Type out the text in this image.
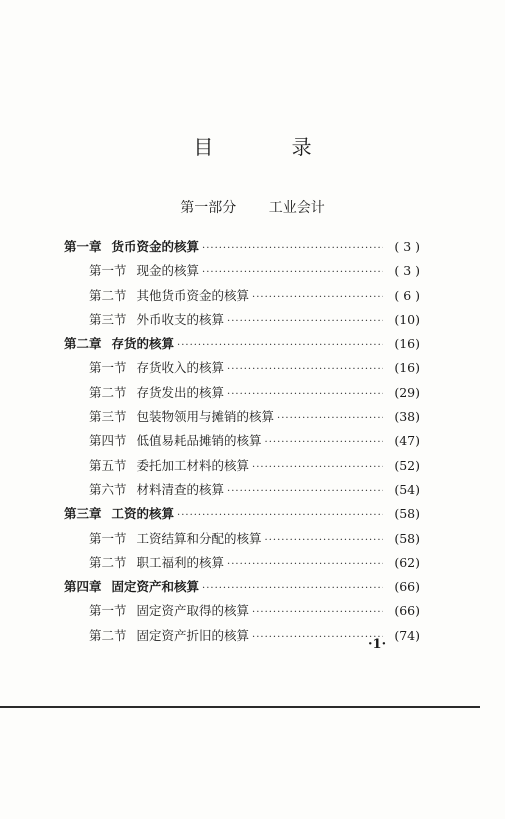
目 录
第一部分 工业会计
第一章 货币资金的核算 ·····	( 3 )
第一节 现金的核算 ·····	( 3 )
第二节 其他货币资金的核算 ·····	( 6 )
第三节 外币收支的核算 ·····	(10)
第二章 存货的核算 ·····	(16)
第一节 存货收入的核算 ·····	(16)
第二节 存货发出的核算 ·····	(29)
第三节 包装物领用与摊销的核算 ·····	(38)
第四节 低值易耗品摊销的核算 ·····	(47)
第五节 委托加工材料的核算 ·····	(52)
第六节 材料清查的核算 ·····	(54)
第三章 工资的核算 ·····	(58)
第一节 工资结算和分配的核算 ·····	(58)
第二节 职工福利的核算 ·····	(62)
第四章 固定资产和核算 ·····	(66)
第一节 固定资产取得的核算 ·····	(66)
第二节 固定资产折旧的核算 ·····	(74)
·1·
